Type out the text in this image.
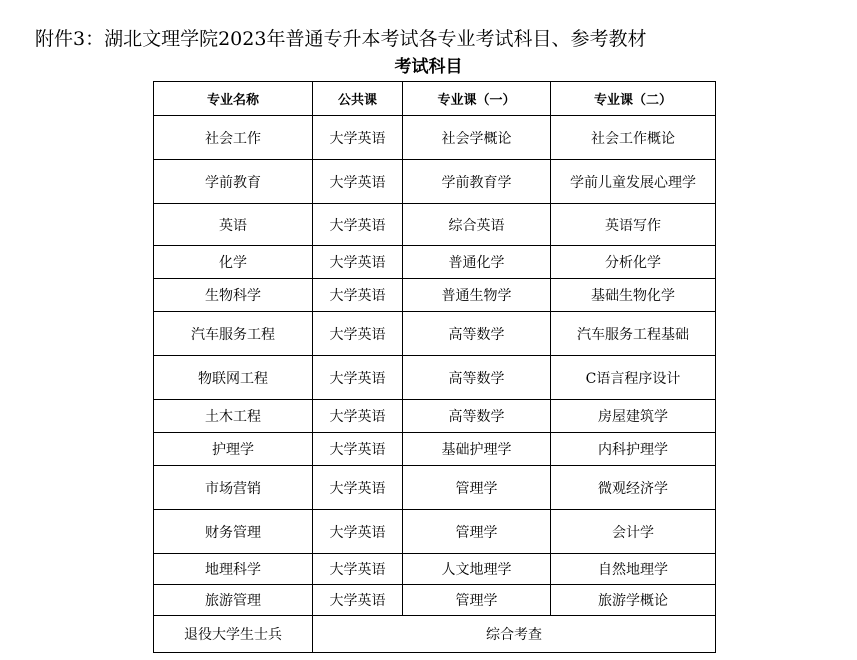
附件3：湖北文理学院2023年普通专升本考试各专业考试科目、参考教材
考试科目
专业名称	公共课	专业课（一）	专业课（二）
社会工作	大学英语	社会学概论	社会工作概论
学前教育	大学英语	学前教育学	学前儿童发展心理学
英语	大学英语	综合英语	英语写作
化学	大学英语	普通化学	分析化学
生物科学	大学英语	普通生物学	基础生物化学
汽车服务工程	大学英语	高等数学	汽车服务工程基础
物联网工程	大学英语	高等数学	C语言程序设计
土木工程	大学英语	高等数学	房屋建筑学
护理学	大学英语	基础护理学	内科护理学
市场营销	大学英语	管理学	微观经济学
财务管理	大学英语	管理学	会计学
地理科学	大学英语	人文地理学	自然地理学
旅游管理	大学英语	管理学	旅游学概论
退役大学生士兵	综合考查		
